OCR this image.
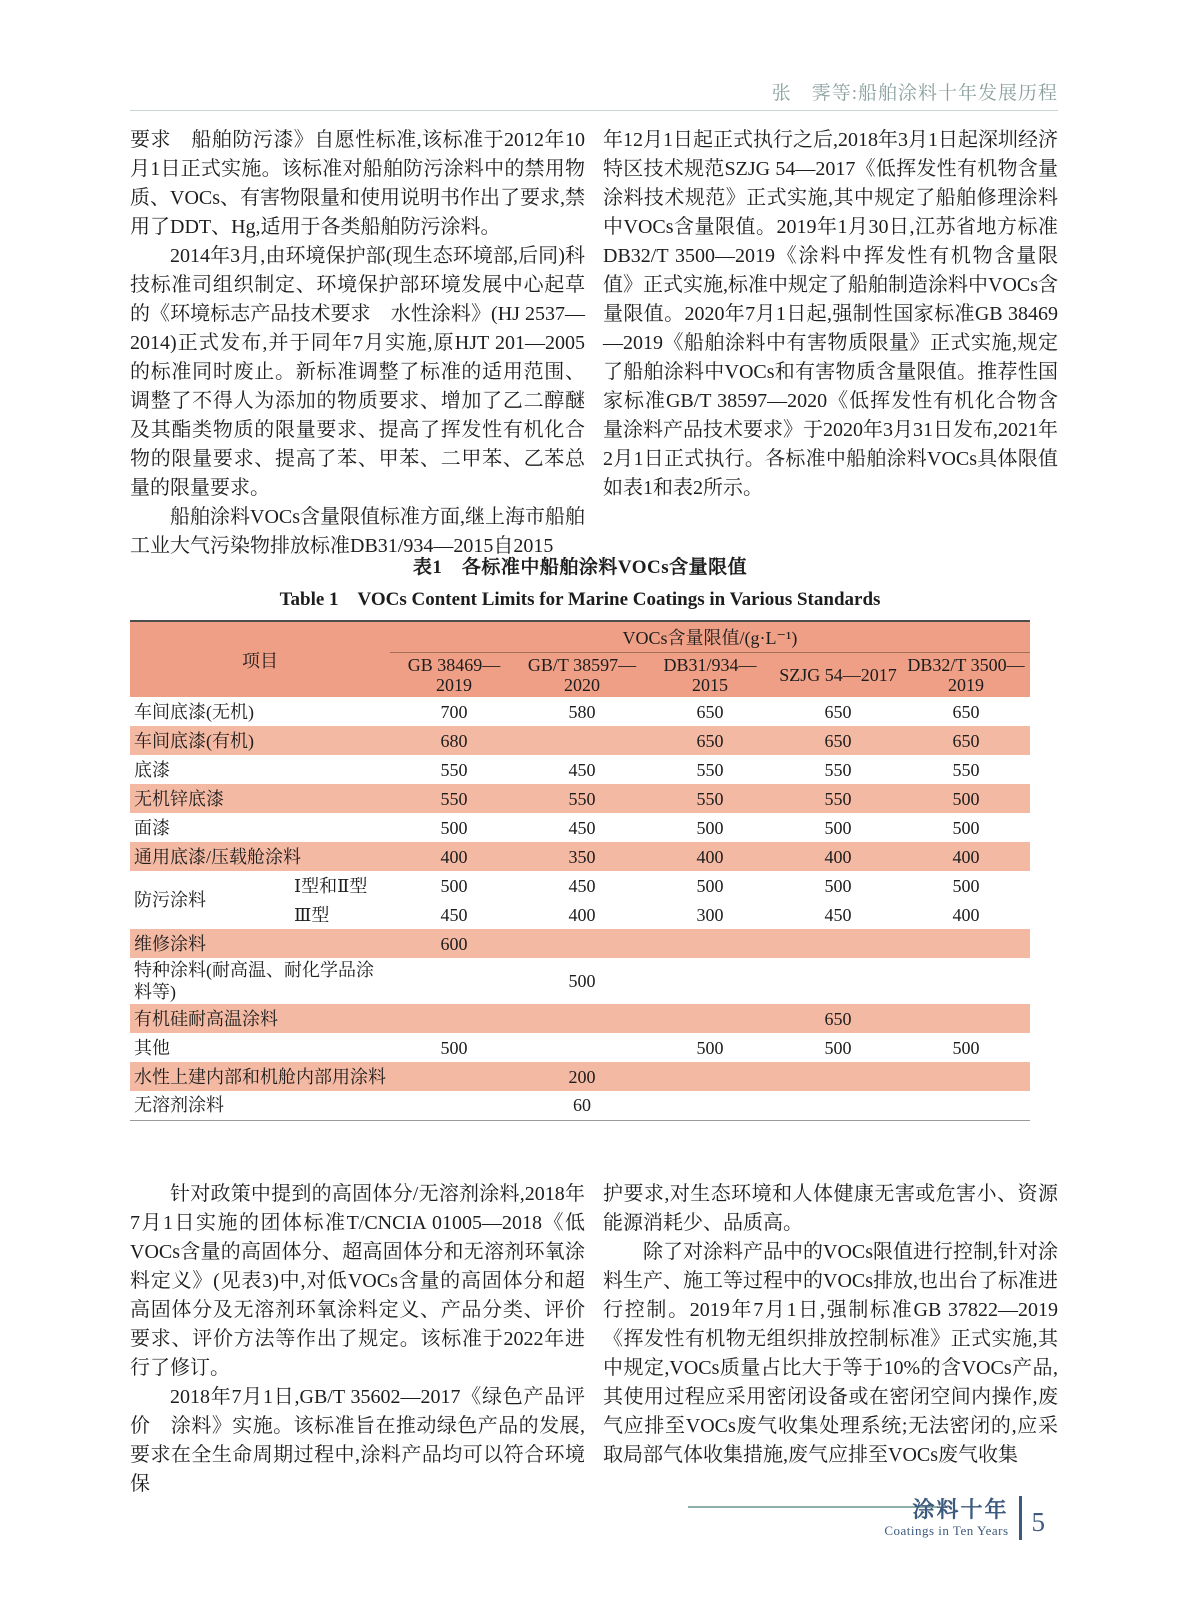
张　霁等:船舶涂料十年发展历程

要求　船舶防污漆》自愿性标准,该标准于2012年10月1日正式实施。该标准对船舶防污涂料中的禁用物质、VOCs、有害物限量和使用说明书作出了要求,禁用了DDT、Hg,适用于各类船舶防污涂料。

2014年3月,由环境保护部(现生态环境部,后同)科技标准司组织制定、环境保护部环境发展中心起草的《环境标志产品技术要求　水性涂料》(HJ 2537—2014)正式发布,并于同年7月实施,原HJT 201—2005的标准同时废止。新标准调整了标准的适用范围、调整了不得人为添加的物质要求、增加了乙二醇醚及其酯类物质的限量要求、提高了挥发性有机化合物的限量要求、提高了苯、甲苯、二甲苯、乙苯总量的限量要求。

船舶涂料VOCs含量限值标准方面,继上海市船舶工业大气污染物排放标准DB31/934—2015自2015

年12月1日起正式执行之后,2018年3月1日起深圳经济特区技术规范SZJG 54—2017《低挥发性有机物含量涂料技术规范》正式实施,其中规定了船舶修理涂料中VOCs含量限值。2019年1月30日,江苏省地方标准DB32/T 3500—2019《涂料中挥发性有机物含量限值》正式实施,标准中规定了船舶制造涂料中VOCs含量限值。2020年7月1日起,强制性国家标准GB 38469—2019《船舶涂料中有害物质限量》正式实施,规定了船舶涂料中VOCs和有害物质含量限值。推荐性国家标准GB/T 38597—2020《低挥发性有机化合物含量涂料产品技术要求》于2020年3月31日发布,2021年2月1日正式执行。各标准中船舶涂料VOCs具体限值如表1和表2所示。

表1　各标准中船舶涂料VOCs含量限值
Table 1　VOCs Content Limits for Marine Coatings in Various Standards
项目		VOCs含量限值/(g·L⁻¹)				
		GB 38469—2019	GB/T 38597—2020	DB31/934—2015	SZJG 54—2017	DB32/T 3500—2019
车间底漆(无机)		700	580	650	650	650
车间底漆(有机)		680		650	650	650
底漆		550	450	550	550	550
无机锌底漆		550	550	550	550	500
面漆		500	450	500	500	500
通用底漆/压载舱涂料		400	350	400	400	400
防污涂料	Ⅰ型和Ⅱ型	500	450	500	500	500
	Ⅲ型	450	400	300	450	400
维修涂料		600				
特种涂料(耐高温、耐化学品涂料等)			500			
有机硅耐高温涂料					650	
其他		500		500	500	500
水性上建内部和机舱内部用涂料			200			
无溶剂涂料			60			

针对政策中提到的高固体分/无溶剂涂料,2018年7月1日实施的团体标准T/CNCIA 01005—2018《低VOCs含量的高固体分、超高固体分和无溶剂环氧涂料定义》(见表3)中,对低VOCs含量的高固体分和超高固体分及无溶剂环氧涂料定义、产品分类、评价要求、评价方法等作出了规定。该标准于2022年进行了修订。

2018年7月1日,GB/T 35602—2017《绿色产品评价　涂料》实施。该标准旨在推动绿色产品的发展,要求在全生命周期过程中,涂料产品均可以符合环境保

护要求,对生态环境和人体健康无害或危害小、资源能源消耗少、品质高。

除了对涂料产品中的VOCs限值进行控制,针对涂料生产、施工等过程中的VOCs排放,也出台了标准进行控制。2019年7月1日,强制标准GB 37822—2019《挥发性有机物无组织排放控制标准》正式实施,其中规定,VOCs质量占比大于等于10%的含VOCs产品,其使用过程应采用密闭设备或在密闭空间内操作,废气应排至VOCs废气收集处理系统;无法密闭的,应采取局部气体收集措施,废气应排至VOCs废气收集

涂料十年
Coatings in Ten Years 5
